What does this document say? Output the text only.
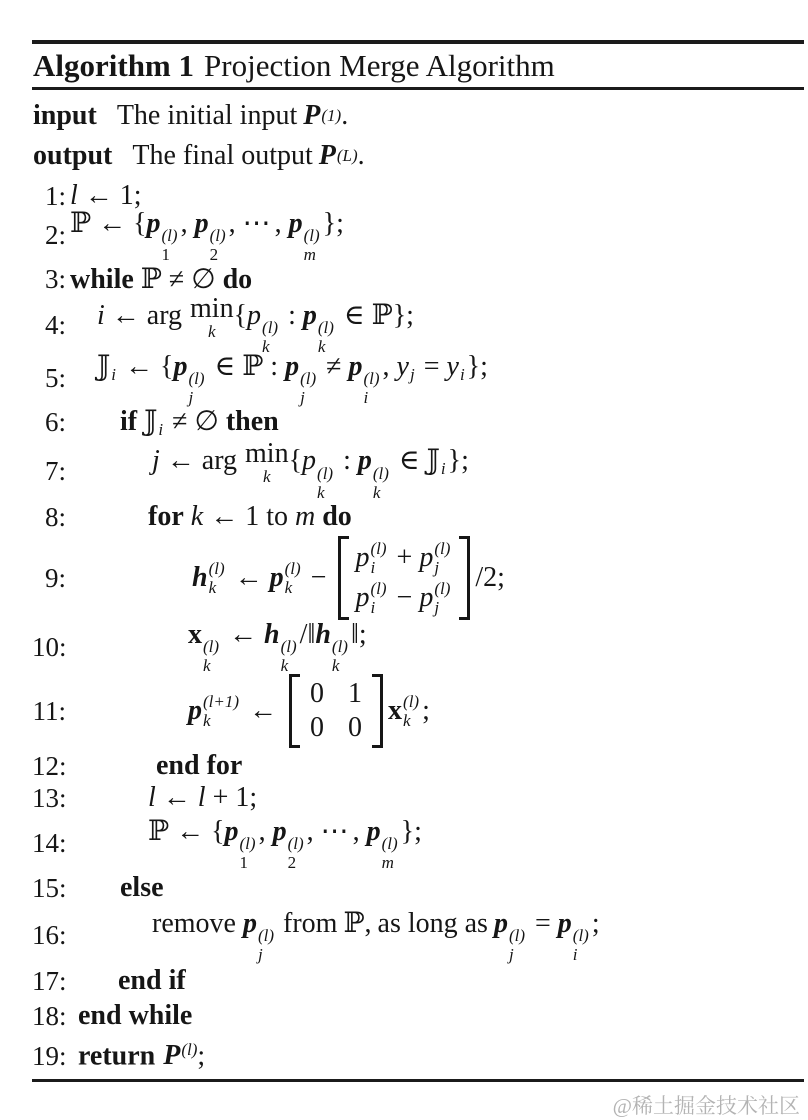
Algorithm 1 Projection Merge Algorithm
input The initial input P (1) .
output The final output P (L) .
1: l ← 1;
2: ℙ ← {p (l)
1
, p (l)
2
, ⋯ , p (l)
m
};
3: while ℙ ≠ ∅ do
4: i ← arg min
k
{p (l)
k
: p (l)
k
∈ ℙ};
5: 𝕁$_i$ ← {p (l)
j
∈ ℙ : p (l)
j
≠ p (l)
i
, $y_j = y_i$};
6: if 𝕁$_i$ ≠ ∅ then
7:	j ← arg min
k
{p (l)
k
: p (l)
k
∈ 𝕁$_i$};
8:	for k ← 1 to m do
9:	h (l)
k ← p (l)
k −
p (l)
i + p (l)
j
p (l)
i − p (l)
j
/2;
10:	x (l)
k
← h (l)
k
/‖h (l)
k
‖;
11:	p (l+1)
k ←
0 1
0 0
x (l)
k ;
12:	end for
13:	l ← l + 1;
14:	ℙ ← {p (l)
1
, p (l)
2
, ⋯ , p (l)
m
};
15: else
16:	remove p (l)
j
from ℙ, as long as p (l)
j
= p (l)
i
;
17: end if
18: end while
19: return $P^{(l)}$;
@稀土掘金技术社区
